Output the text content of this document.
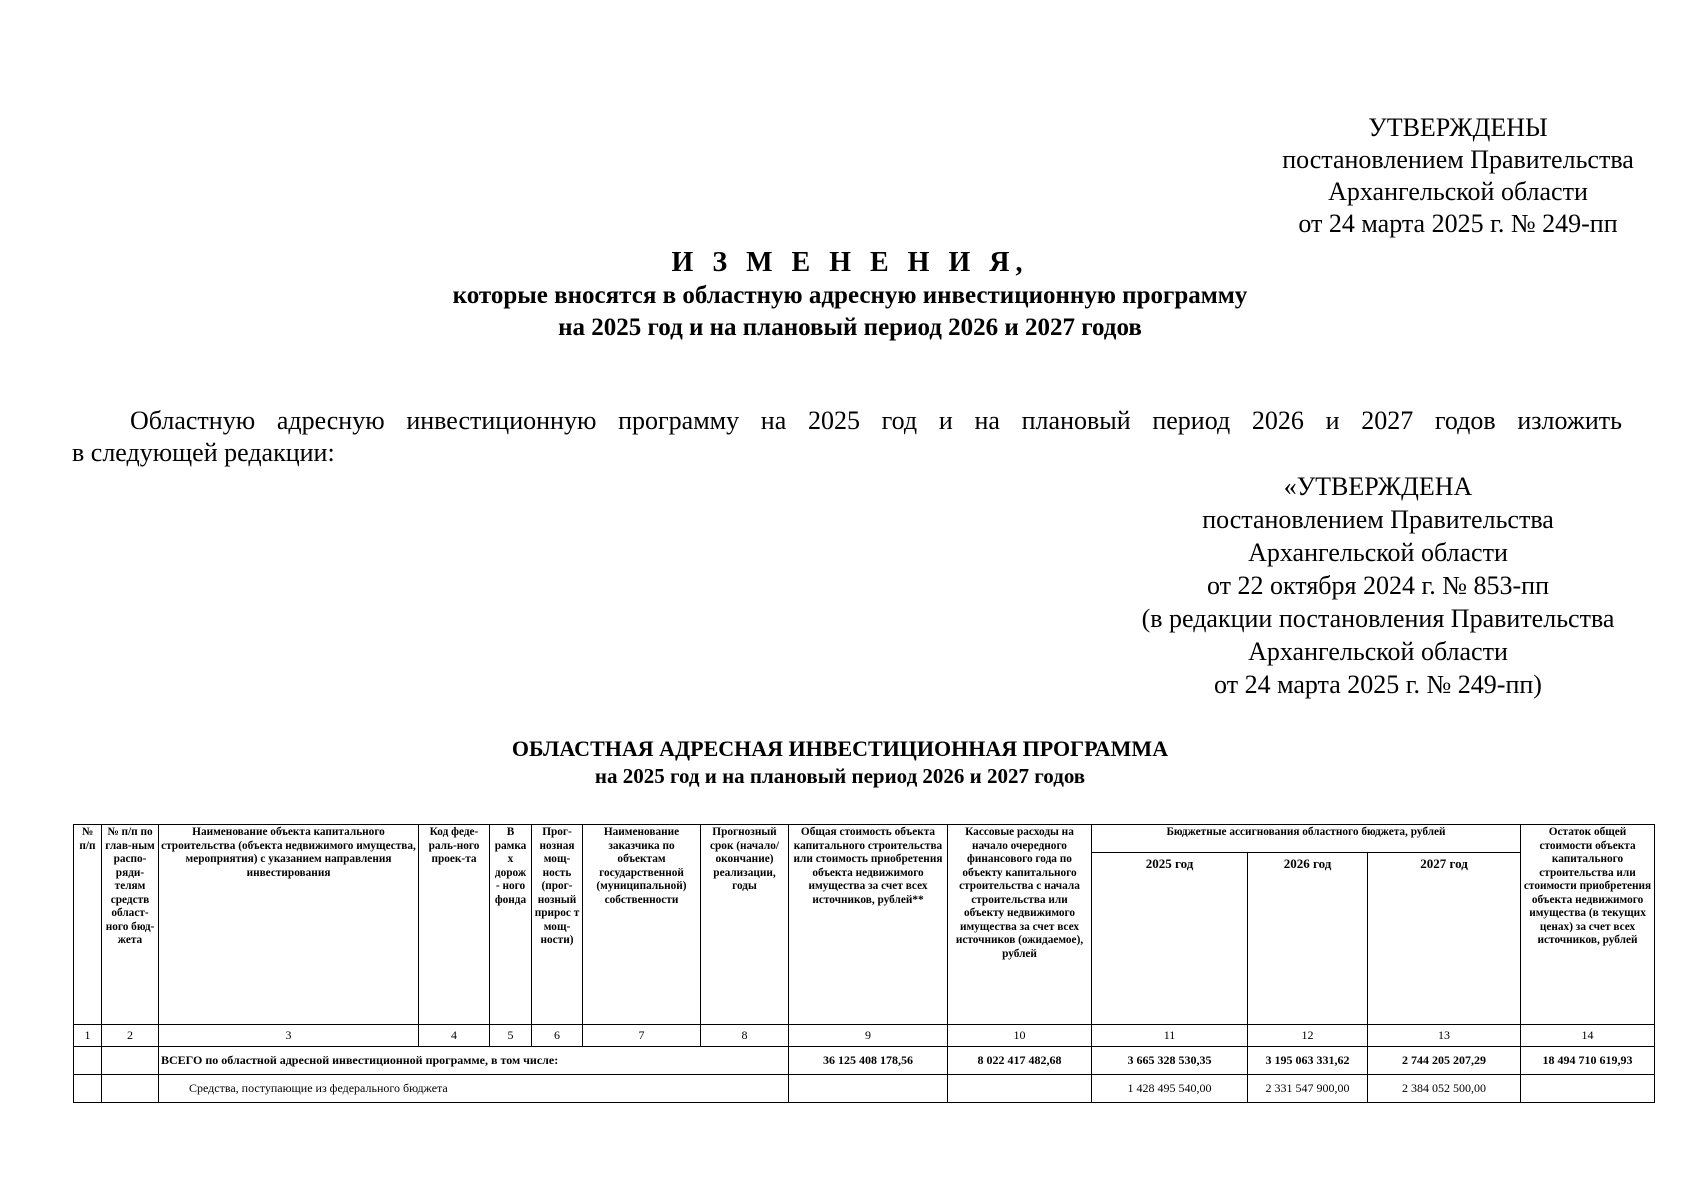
УТВЕРЖДЕНЫ
постановлением Правительства
Архангельской области
от 24 марта 2025 г. № 249-пп
И З М Е Н Е Н И Я,
которые вносятся в областную адресную инвестиционную программу
на 2025 год и на плановый период 2026 и 2027 годов
Областную адресную инвестиционную программу на 2025 год и на плановый период 2026 и 2027 годов изложить
в следующей редакции:
«УТВЕРЖДЕНА
постановлением Правительства
Архангельской области
от 22 октября 2024 г. № 853-пп
(в редакции постановления Правительства
Архангельской области
от 24 марта 2025 г. № 249-пп)
ОБЛАСТНАЯ АДРЕСНАЯ ИНВЕСТИЦИОННАЯ ПРОГРАММА
на 2025 год и на плановый период 2026 и 2027 годов
№ п/п	№ п/п по глав-ным распо-ряди-телям средств област-ного бюд-жета	Наименование объекта капитального строительства (объекта недвижимого имущества, мероприятия) с указанием направления инвестирования	Код феде-раль-ного проек-та	В рамка х дорож - ного фонда	Прог-нозная мощ-ность (прог-нозный прирос т мощ-ности)	Наименование заказчика по объектам государственной (муниципальной) собственности	Прогнозный срок (начало/ окончание) реализации, годы	Общая стоимость объекта капитального строительства или стоимость приобретения объекта недвижимого имущества за счет всех источников, рублей**	Кассовые расходы на начало очередного финансового года по объекту капитального строительства с начала строительства или объекту недвижимого имущества за счет всех источников (ожидаемое), рублей	Бюджетные ассигнования областного бюджета, рублей			Остаток общей стоимости объекта капитального строительства или стоимости приобретения объекта недвижимого имущества (в текущих ценах) за счет всех источников, рублей
										2025 год	2026 год	2027 год	
1	2	3	4	5	6	7	8	9	10	11	12	13	14
		ВСЕГО по областной адресной инвестиционной программе, в том числе:						36 125 408 178,56	8 022 417 482,68	3 665 328 530,35	3 195 063 331,62	2 744 205 207,29	18 494 710 619,93
		Средства, поступающие из федерального бюджета								1 428 495 540,00	2 331 547 900,00	2 384 052 500,00	
